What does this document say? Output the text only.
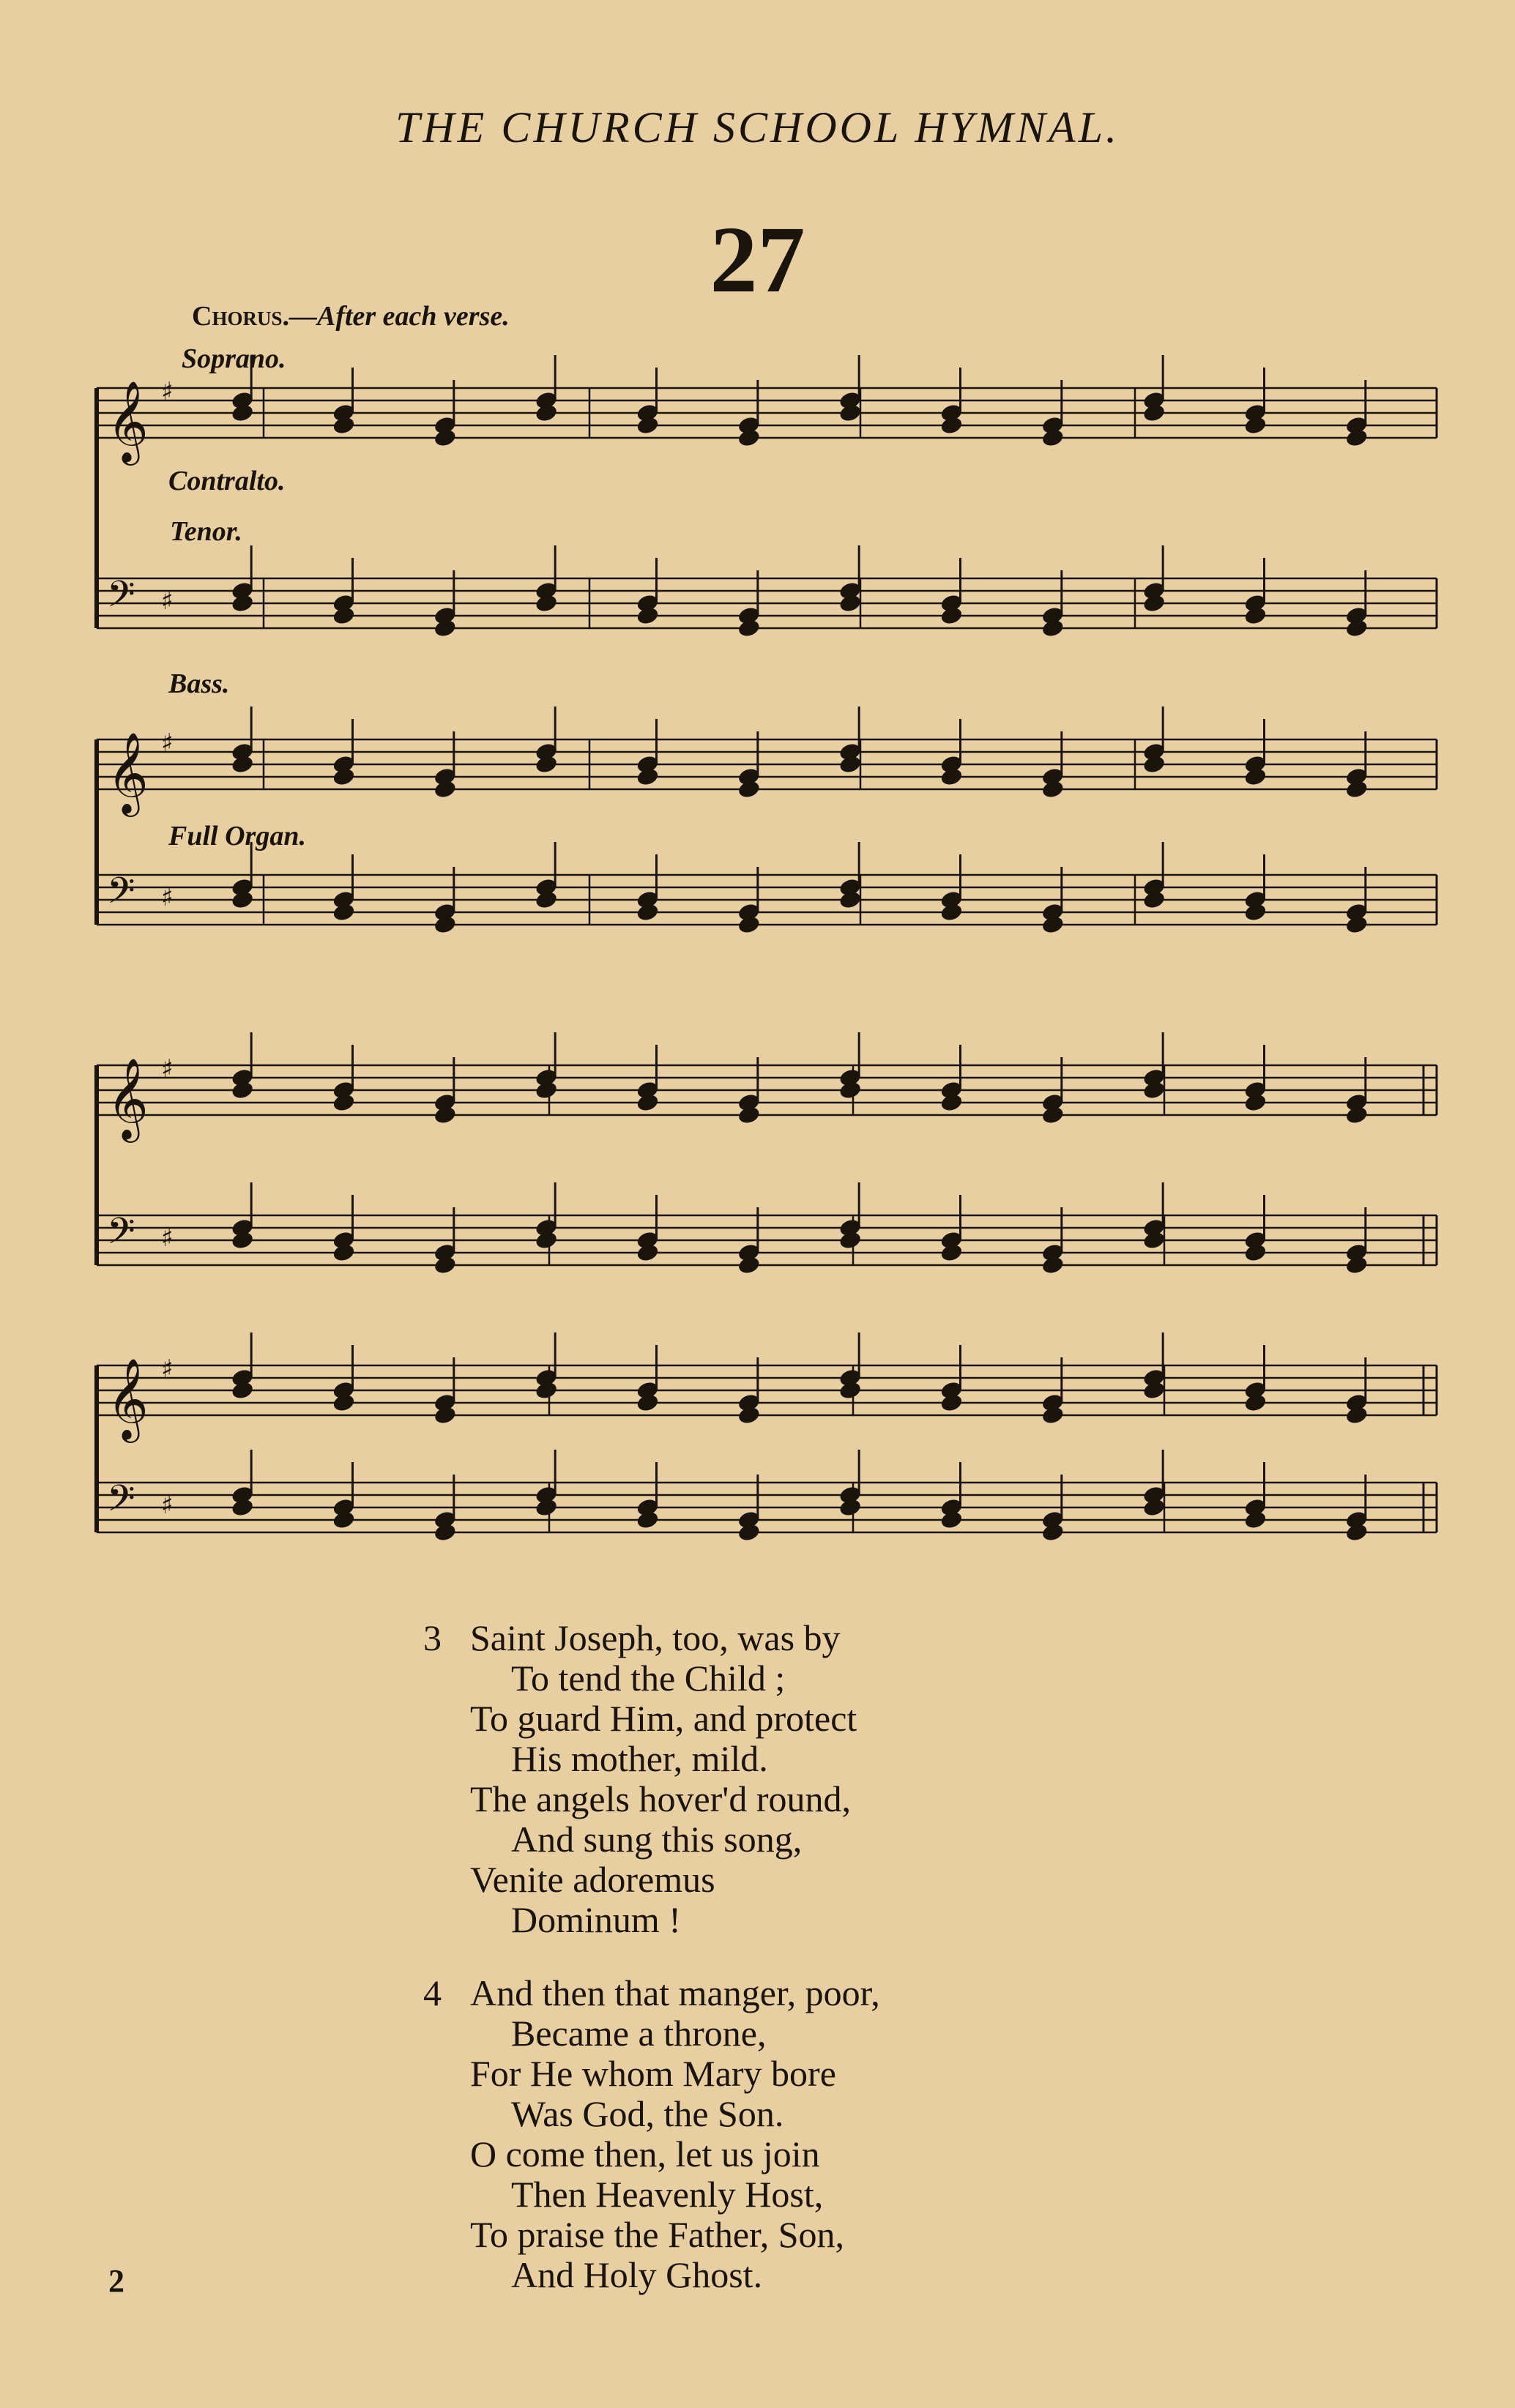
THE CHURCH SCHOOL HYMNAL.
27
Chorus.—After each verse.
Soprano.
Contralto.
Tenor.
Bass.
Full Organ.
𝄞 ♯
𝄢 ♯
𝄞 ♯
𝄢 ♯
𝄞 ♯
𝄢 ♯
𝄞 ♯
𝄢 ♯
3 Saint Joseph, too, was by
To tend the Child ;
To guard Him, and protect
His mother, mild.
The angels hover'd round,
And sung this song,
Venite adoremus
Dominum !
4 And then that manger, poor,
Became a throne,
For He whom Mary bore
Was God, the Son.
O come then, let us join
Then Heavenly Host,
To praise the Father, Son,
And Holy Ghost.
2
